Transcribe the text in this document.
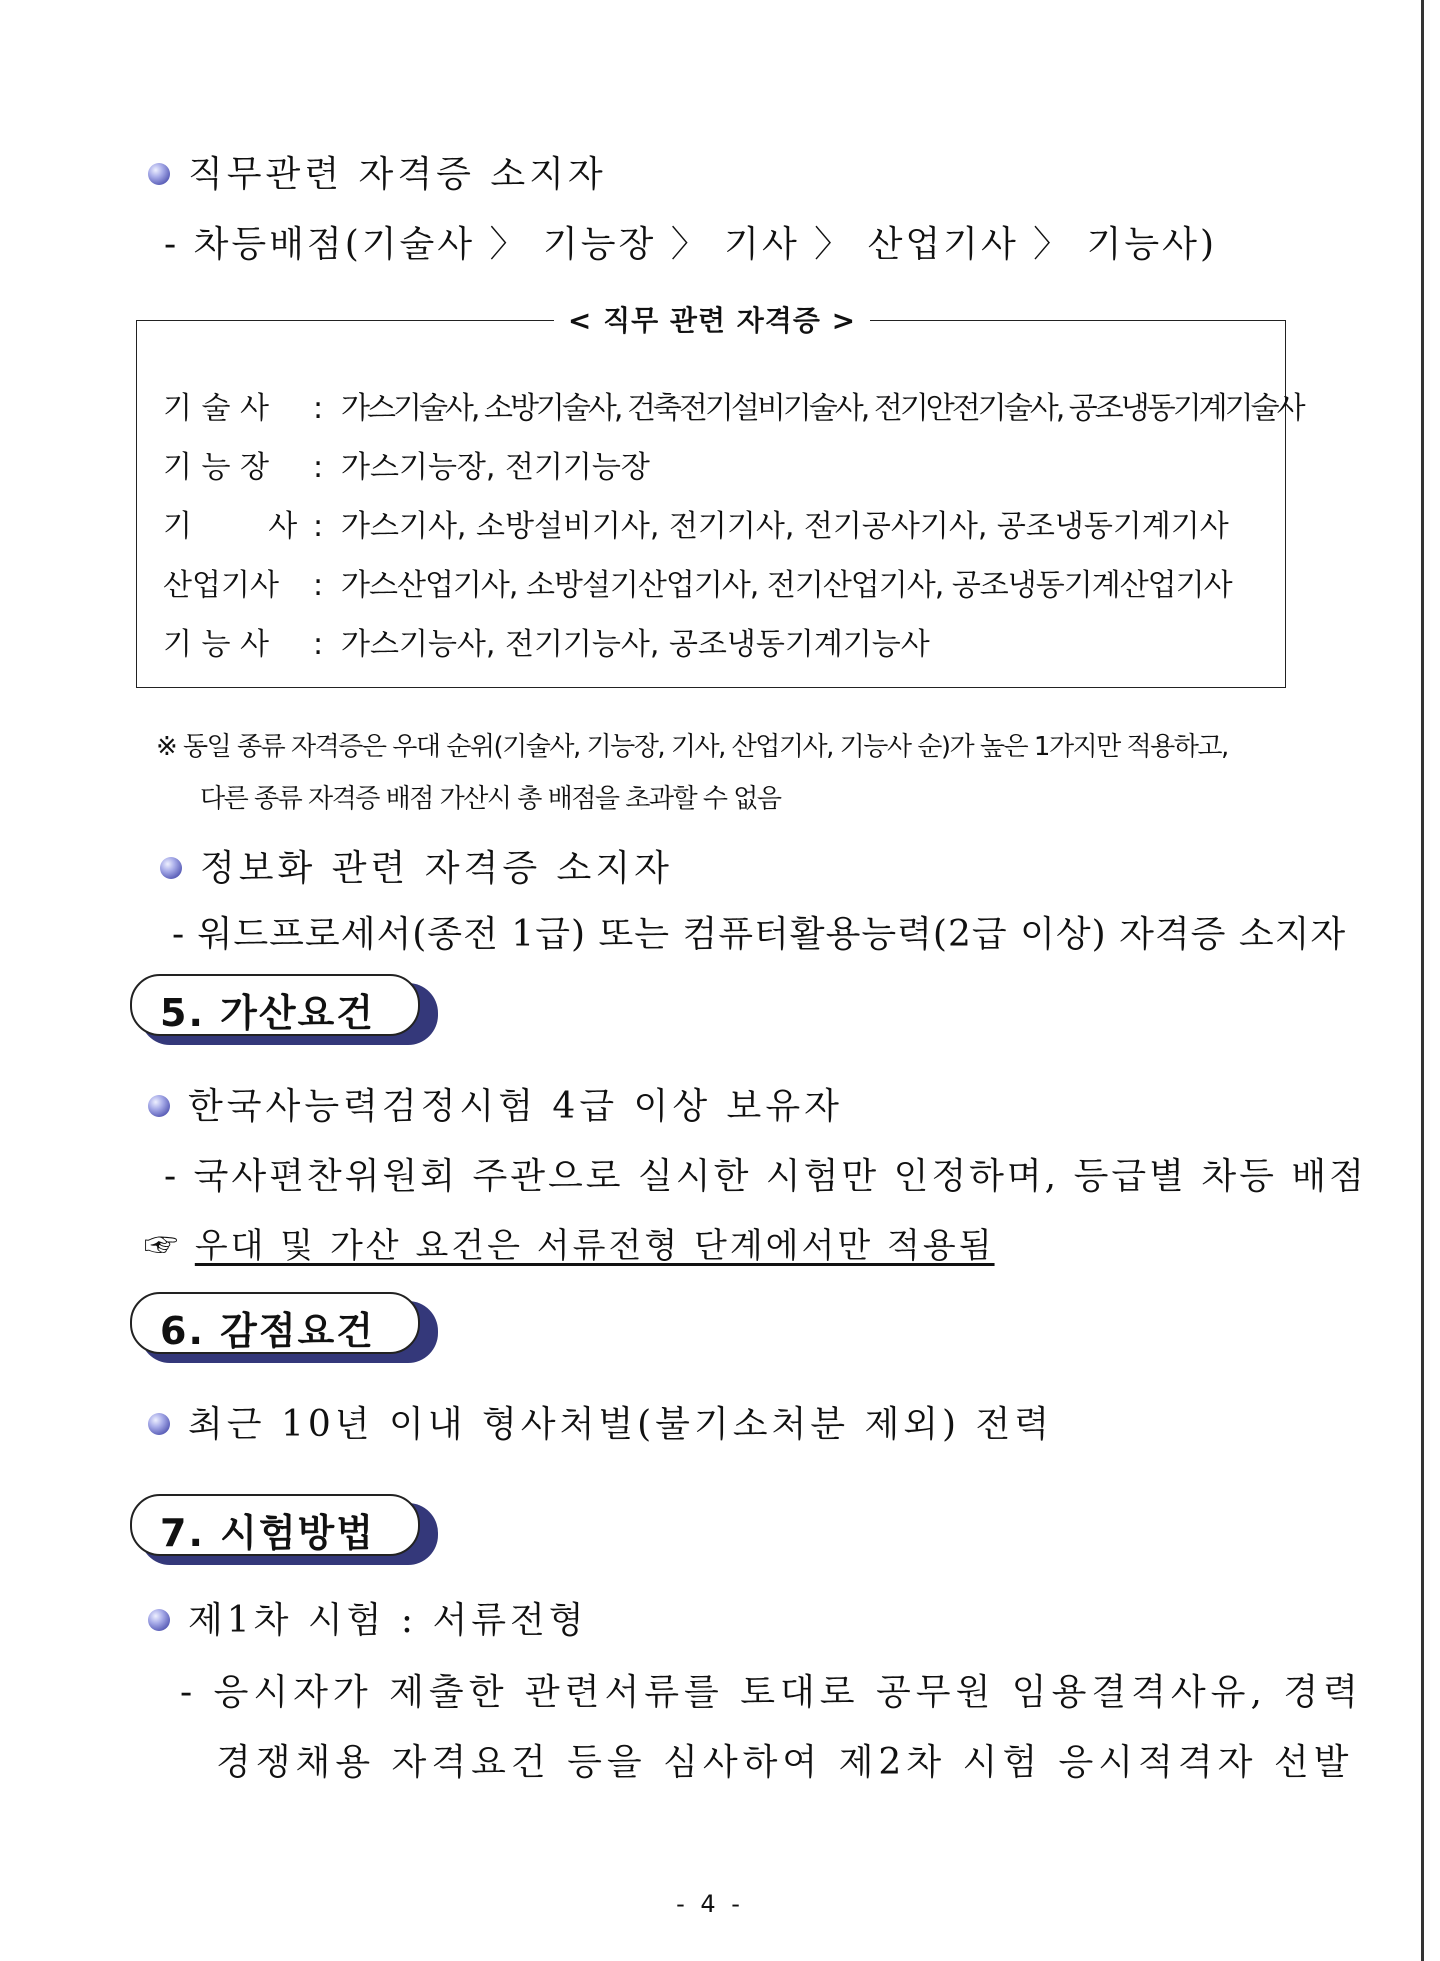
직무관련 자격증 소지자
- 차등배점(기술사 〉 기능장 〉 기사 〉 산업기사 〉 기능사)
< 직무 관련 자격증 >
기 술 사 : 가스기술사, 소방기술사, 건축전기설비기술사, 전기안전기술사, 공조냉동기계기술사
기 능 장 : 가스기능장, 전기기능장
기        사 : 가스기사, 소방설비기사, 전기기사, 전기공사기사, 공조냉동기계기사
산업기사 : 가스산업기사, 소방설기산업기사, 전기산업기사, 공조냉동기계산업기사
기 능 사 : 가스기능사, 전기기능사, 공조냉동기계기능사
※ 동일 종류 자격증은 우대 순위(기술사, 기능장, 기사, 산업기사, 기능사 순)가 높은 1가지만 적용하고,
다른 종류 자격증 배점 가산시 총 배점을 초과할 수 없음
정보화 관련 자격증 소지자
- 워드프로세서(종전 1급) 또는 컴퓨터활용능력(2급 이상) 자격증 소지자
5. 가산요건
한국사능력검정시험 4급 이상 보유자
- 국사편찬위원회 주관으로 실시한 시험만 인정하며, 등급별 차등 배점
☞ 우대 및 가산 요건은 서류전형 단계에서만 적용됨
6. 감점요건
최근 10년 이내 형사처벌(불기소처분 제외) 전력
7. 시험방법
제1차 시험 : 서류전형
- 응시자가 제출한 관련서류를 토대로 공무원 임용결격사유, 경력
경쟁채용 자격요건 등을 심사하여 제2차 시험 응시적격자 선발
- 4 -
